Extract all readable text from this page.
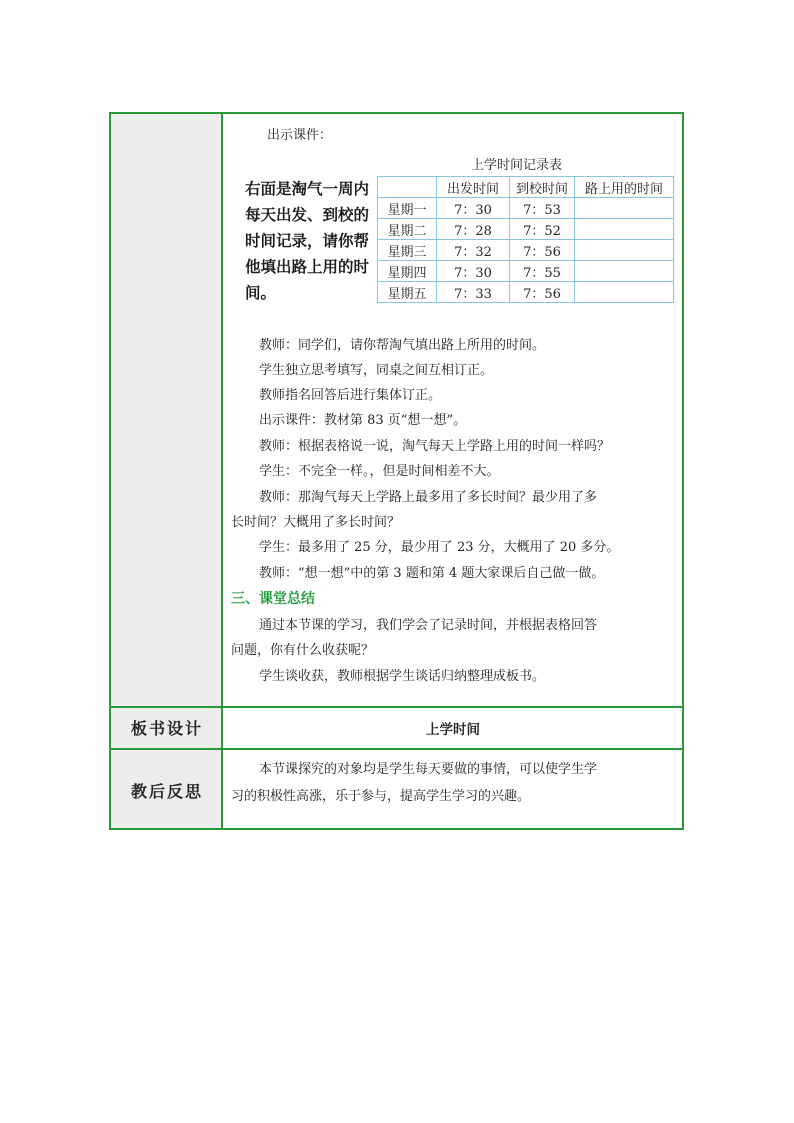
出示课件：
右面是淘气一周内每天出发、到校的时间记录，请你帮他填出路上用的时间。
上学时间记录表
	出发时间	到校时间	路上用的时间
星期一	7：30	7：53	
星期二	7：28	7：52	
星期三	7：32	7：56	
星期四	7：30	7：55	
星期五	7：33	7：56	
教师：同学们，请你帮淘气填出路上所用的时间。
学生独立思考填写，同桌之间互相订正。
教师指名回答后进行集体订正。
出示课件：教材第 83 页“想一想”。
教师：根据表格说一说，淘气每天上学路上用的时间一样吗？
学生：不完全一样。，但是时间相差不大。
教师：那淘气每天上学路上最多用了多长时间？最少用了多
长时间？大概用了多长时间？
学生：最多用了 25 分，最少用了 23 分，大概用了 20 多分。
教师：“想一想”中的第 3 题和第 4 题大家课后自己做一做。
三、课堂总结
通过本节课的学习，我们学会了记录时间，并根据表格回答
问题，你有什么收获呢？
学生谈收获，教师根据学生谈话归纳整理成板书。
板书设计	上学时间
教后反思
本节课探究的对象均是学生每天要做的事情，可以使学生学
习的积极性高涨，乐于参与，提高学生学习的兴趣。
